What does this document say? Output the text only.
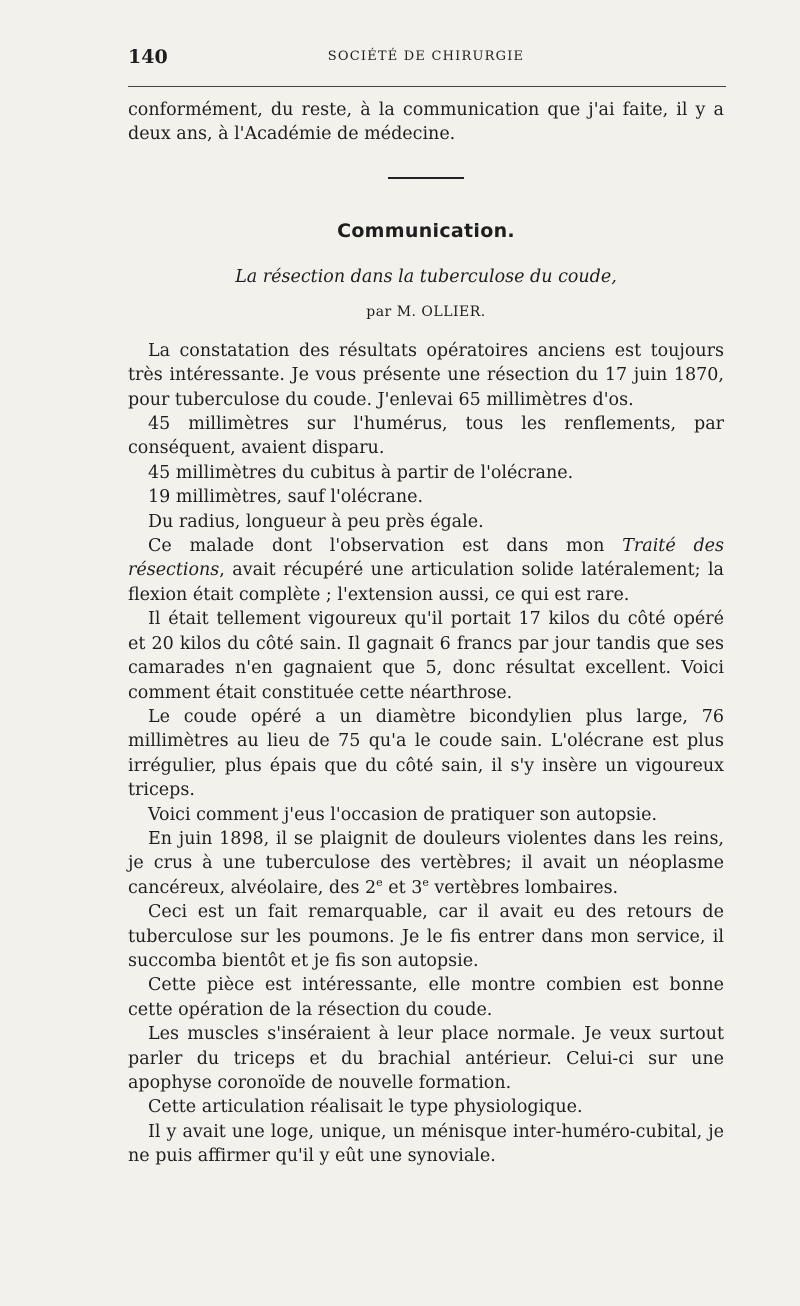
140	SOCIÉTÉ DE CHIRURGIE

conformément, du reste, à la communication que j'ai faite, il y a deux ans, à l'Académie de médecine.

Communication.
La résection dans la tuberculose du coude,
par M. OLLIER.

La constatation des résultats opératoires anciens est toujours très intéressante. Je vous présente une résection du 17 juin 1870, pour tuberculose du coude. J'enlevai 65 millimètres d'os.

45 millimètres sur l'humérus, tous les renflements, par conséquent, avaient disparu.

45 millimètres du cubitus à partir de l'olécrane.

19 millimètres, sauf l'olécrane.

Du radius, longueur à peu près égale.

Ce malade dont l'observation est dans mon Traité des résections, avait récupéré une articulation solide latéralement; la flexion était complète ; l'extension aussi, ce qui est rare.

Il était tellement vigoureux qu'il portait 17 kilos du côté opéré et 20 kilos du côté sain. Il gagnait 6 francs par jour tandis que ses camarades n'en gagnaient que 5, donc résultat excellent. Voici comment était constituée cette néarthrose.

Le coude opéré a un diamètre bicondylien plus large, 76 millimètres au lieu de 75 qu'a le coude sain. L'olécrane est plus irrégulier, plus épais que du côté sain, il s'y insère un vigoureux triceps.

Voici comment j'eus l'occasion de pratiquer son autopsie.

En juin 1898, il se plaignit de douleurs violentes dans les reins, je crus à une tuberculose des vertèbres; il avait un néoplasme cancéreux, alvéolaire, des 2e et 3e vertèbres lombaires.

Ceci est un fait remarquable, car il avait eu des retours de tuberculose sur les poumons. Je le fis entrer dans mon service, il succomba bientôt et je fis son autopsie.

Cette pièce est intéressante, elle montre combien est bonne cette opération de la résection du coude.

Les muscles s'inséraient à leur place normale. Je veux surtout parler du triceps et du brachial antérieur. Celui-ci sur une apophyse coronoïde de nouvelle formation.

Cette articulation réalisait le type physiologique.

Il y avait une loge, unique, un ménisque inter-huméro-cubital, je ne puis affirmer qu'il y eût une synoviale.
